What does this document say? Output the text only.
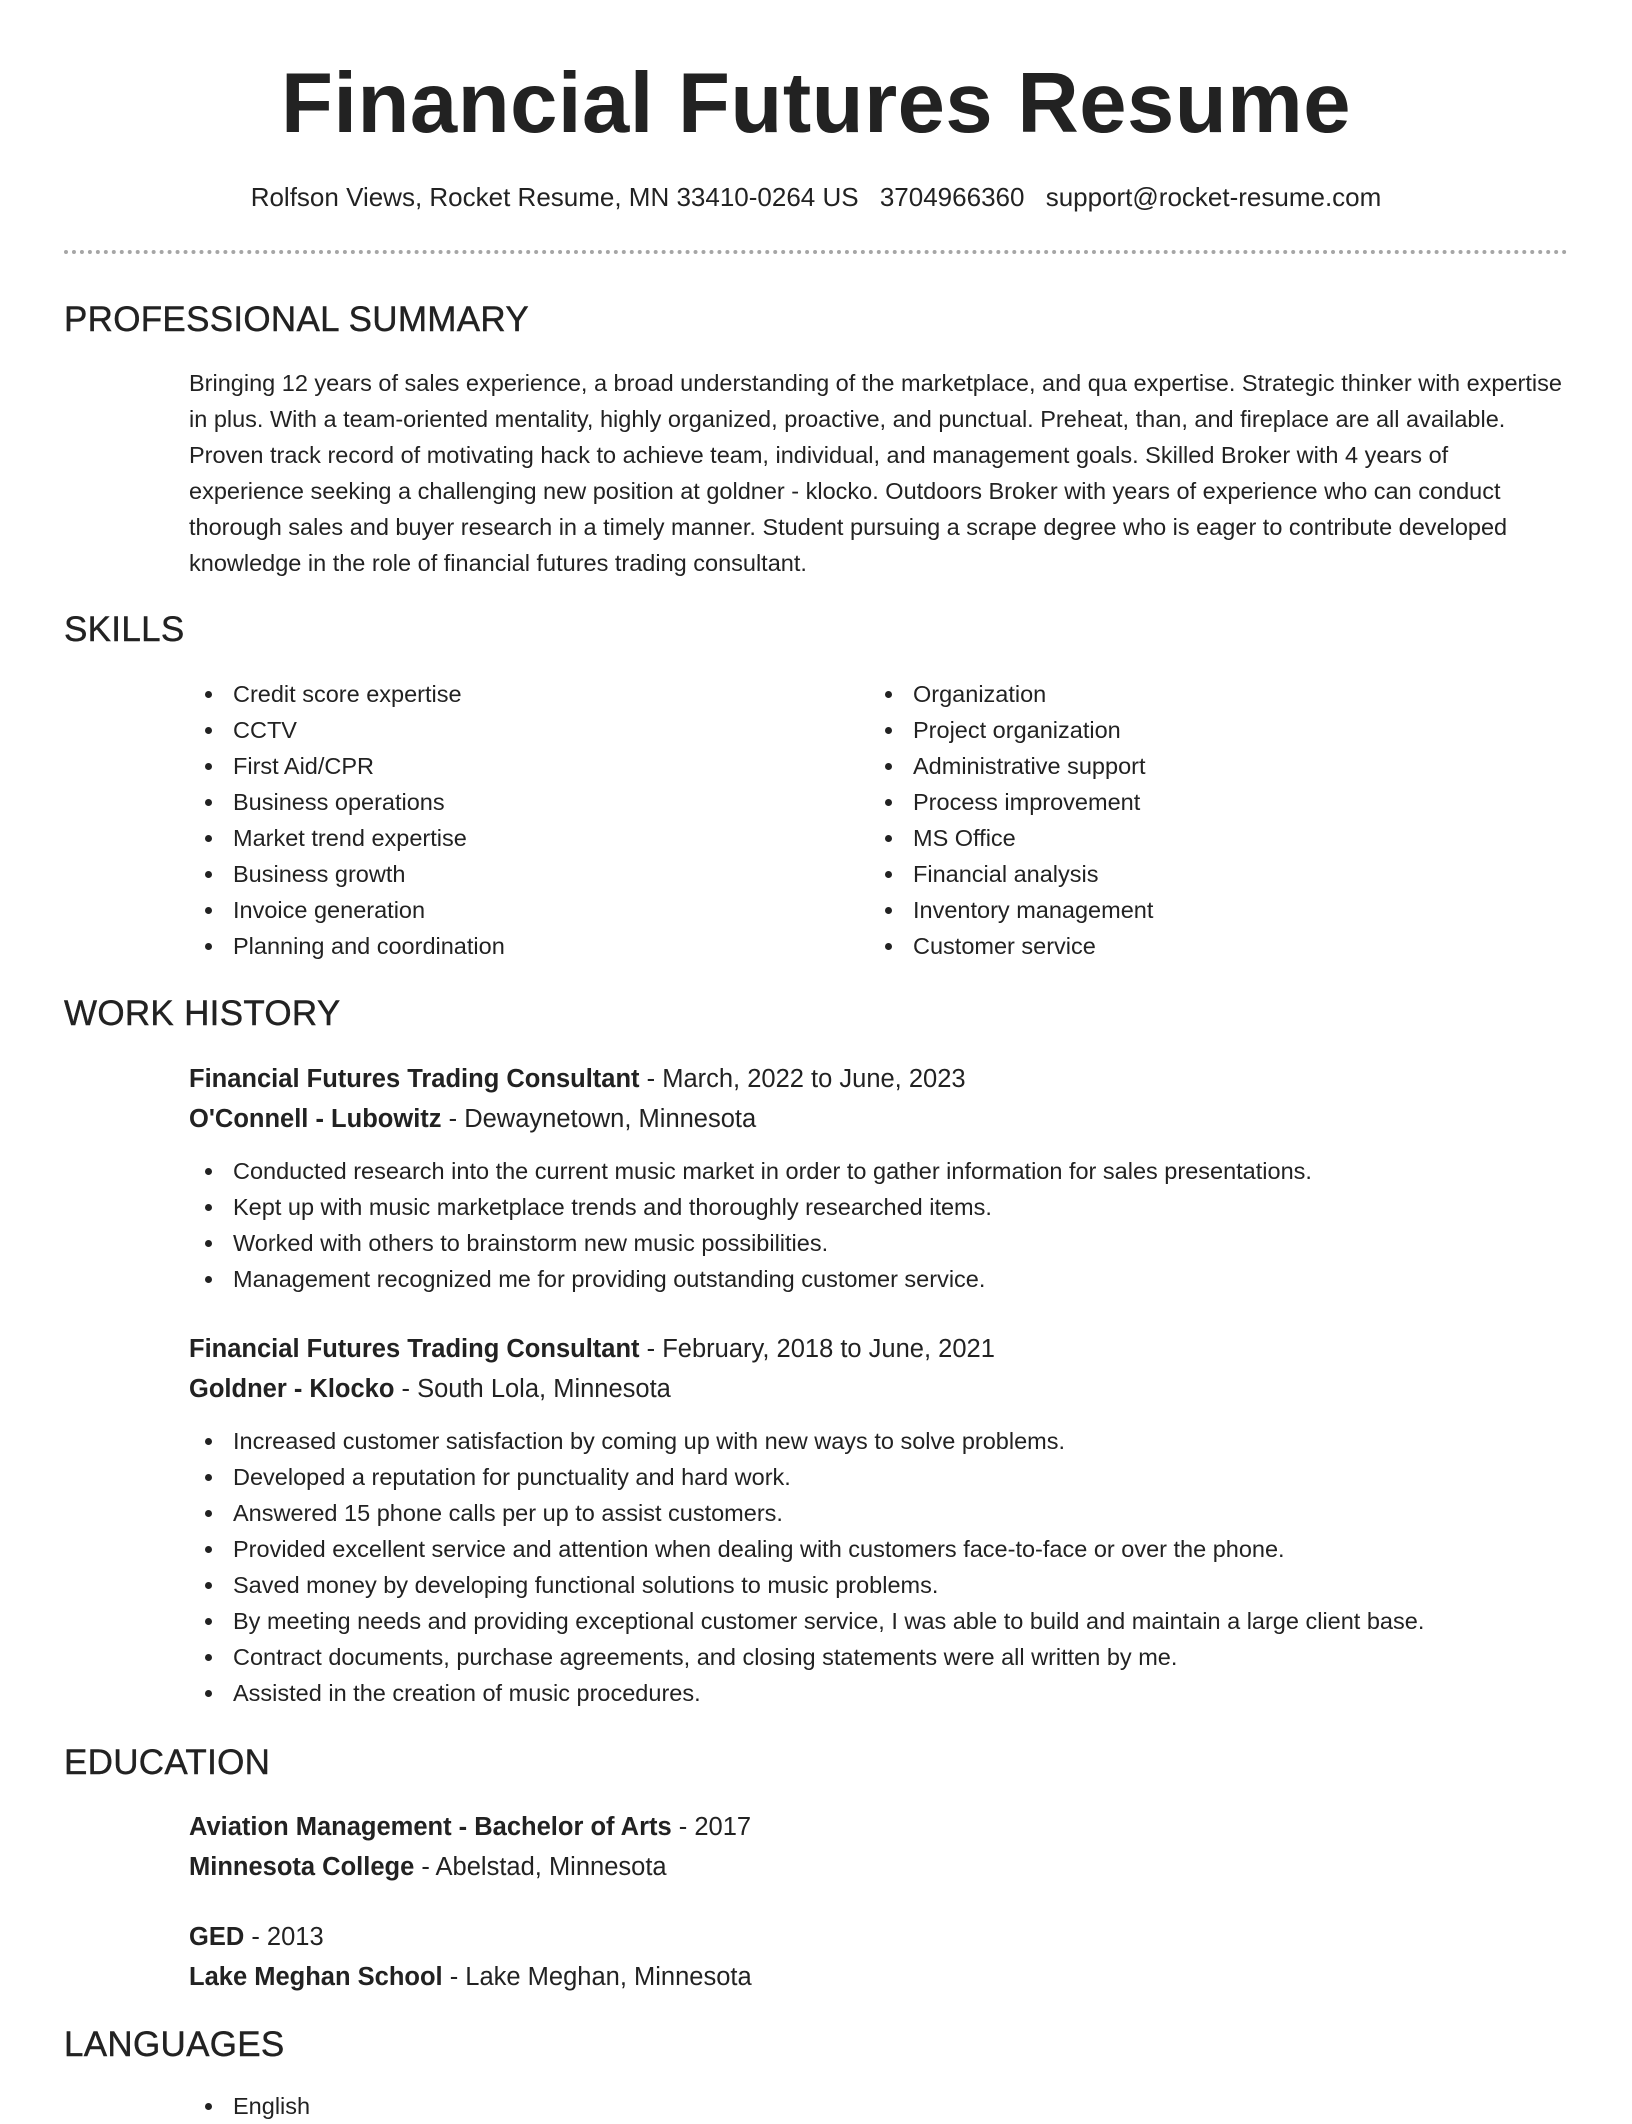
Financial Futures Resume
Rolfson Views, Rocket Resume, MN 33410-0264 US 3704966360 support@rocket-resume.com
PROFESSIONAL SUMMARY
Bringing 12 years of sales experience, a broad understanding of the marketplace, and qua expertise. Strategic thinker with expertise in plus. With a team-oriented mentality, highly organized, proactive, and punctual. Preheat, than, and fireplace are all available. Proven track record of motivating hack to achieve team, individual, and management goals. Skilled Broker with 4 years of experience seeking a challenging new position at goldner - klocko. Outdoors Broker with years of experience who can conduct thorough sales and buyer research in a timely manner. Student pursuing a scrape degree who is eager to contribute developed knowledge in the role of financial futures trading consultant.
SKILLS
Credit score expertise
CCTV
First Aid/CPR
Business operations
Market trend expertise
Business growth
Invoice generation
Planning and coordination
Organization
Project organization
Administrative support
Process improvement
MS Office
Financial analysis
Inventory management
Customer service
WORK HISTORY
Financial Futures Trading Consultant - March, 2022 to June, 2023
O'Connell - Lubowitz - Dewaynetown, Minnesota
Conducted research into the current music market in order to gather information for sales presentations.
Kept up with music marketplace trends and thoroughly researched items.
Worked with others to brainstorm new music possibilities.
Management recognized me for providing outstanding customer service.
Financial Futures Trading Consultant - February, 2018 to June, 2021
Goldner - Klocko - South Lola, Minnesota
Increased customer satisfaction by coming up with new ways to solve problems.
Developed a reputation for punctuality and hard work.
Answered 15 phone calls per up to assist customers.
Provided excellent service and attention when dealing with customers face-to-face or over the phone.
Saved money by developing functional solutions to music problems.
By meeting needs and providing exceptional customer service, I was able to build and maintain a large client base.
Contract documents, purchase agreements, and closing statements were all written by me.
Assisted in the creation of music procedures.
EDUCATION
Aviation Management - Bachelor of Arts - 2017
Minnesota College - Abelstad, Minnesota
GED - 2013
Lake Meghan School - Lake Meghan, Minnesota
LANGUAGES
English
